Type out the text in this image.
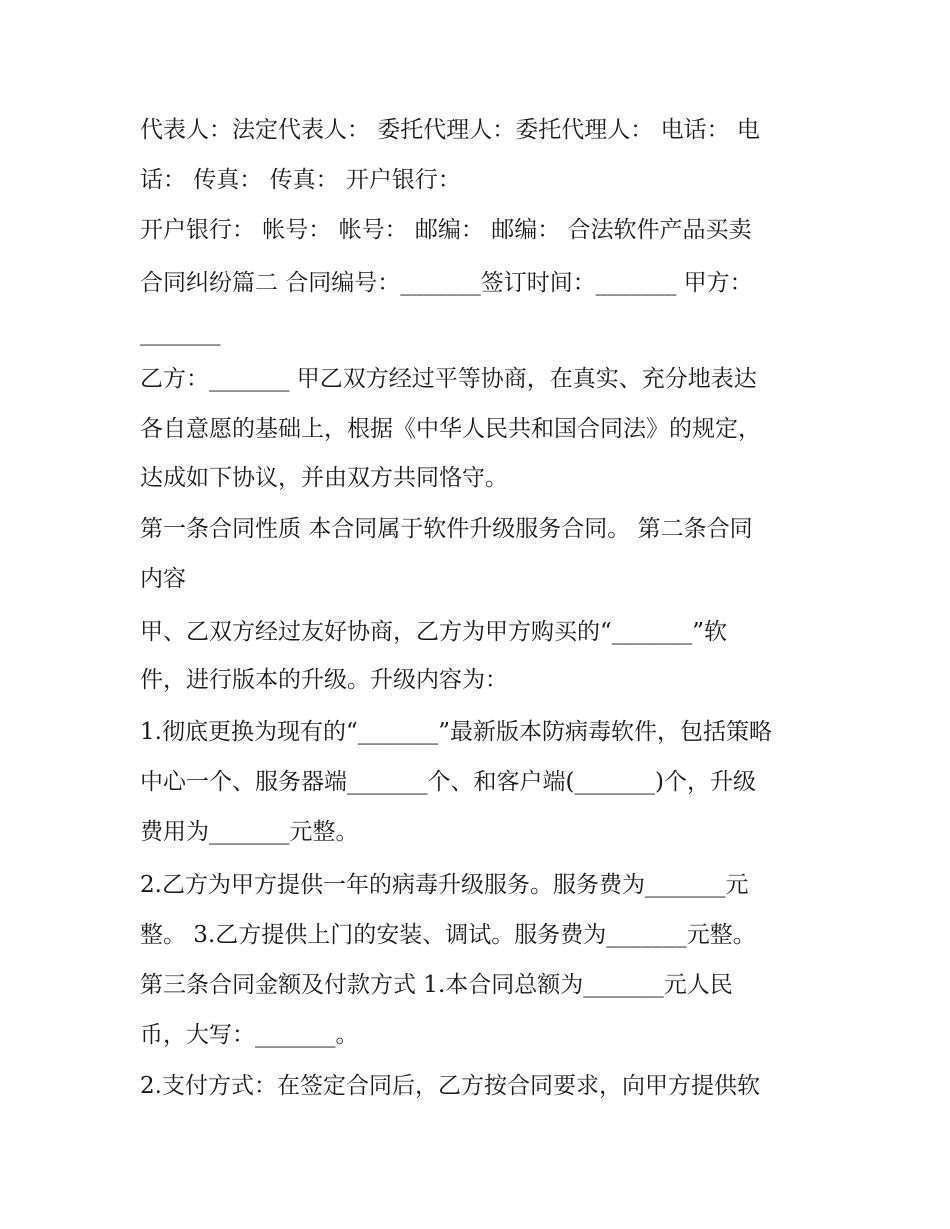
代表人：法定代表人： 委托代理人：委托代理人： 电话： 电

话： 传真： 传真： 开户银行：

开户银行： 帐号： 帐号： 邮编： 邮编： 合法软件产品买卖

合同纠纷篇二 合同编号：_______签订时间：_______ 甲方：

_______

乙方：_______ 甲乙双方经过平等协商，在真实、充分地表达

各自意愿的基础上，根据《中华人民共和国合同法》的规定，

达成如下协议，并由双方共同恪守。

第一条合同性质 本合同属于软件升级服务合同。 第二条合同

内容

甲、乙双方经过友好协商，乙方为甲方购买的“_______”软

件，进行版本的升级。升级内容为：

1.彻底更换为现有的“_______”最新版本防病毒软件，包括策略

中心一个、服务器端_______个、和客户端(_______)个，升级

费用为_______元整。

2.乙方为甲方提供一年的病毒升级服务。服务费为_______元

整。 3.乙方提供上门的安装、调试。服务费为_______元整。

第三条合同金额及付款方式 1.本合同总额为_______元人民

币，大写：_______。

2.支付方式：在签定合同后，乙方按合同要求，向甲方提供软
